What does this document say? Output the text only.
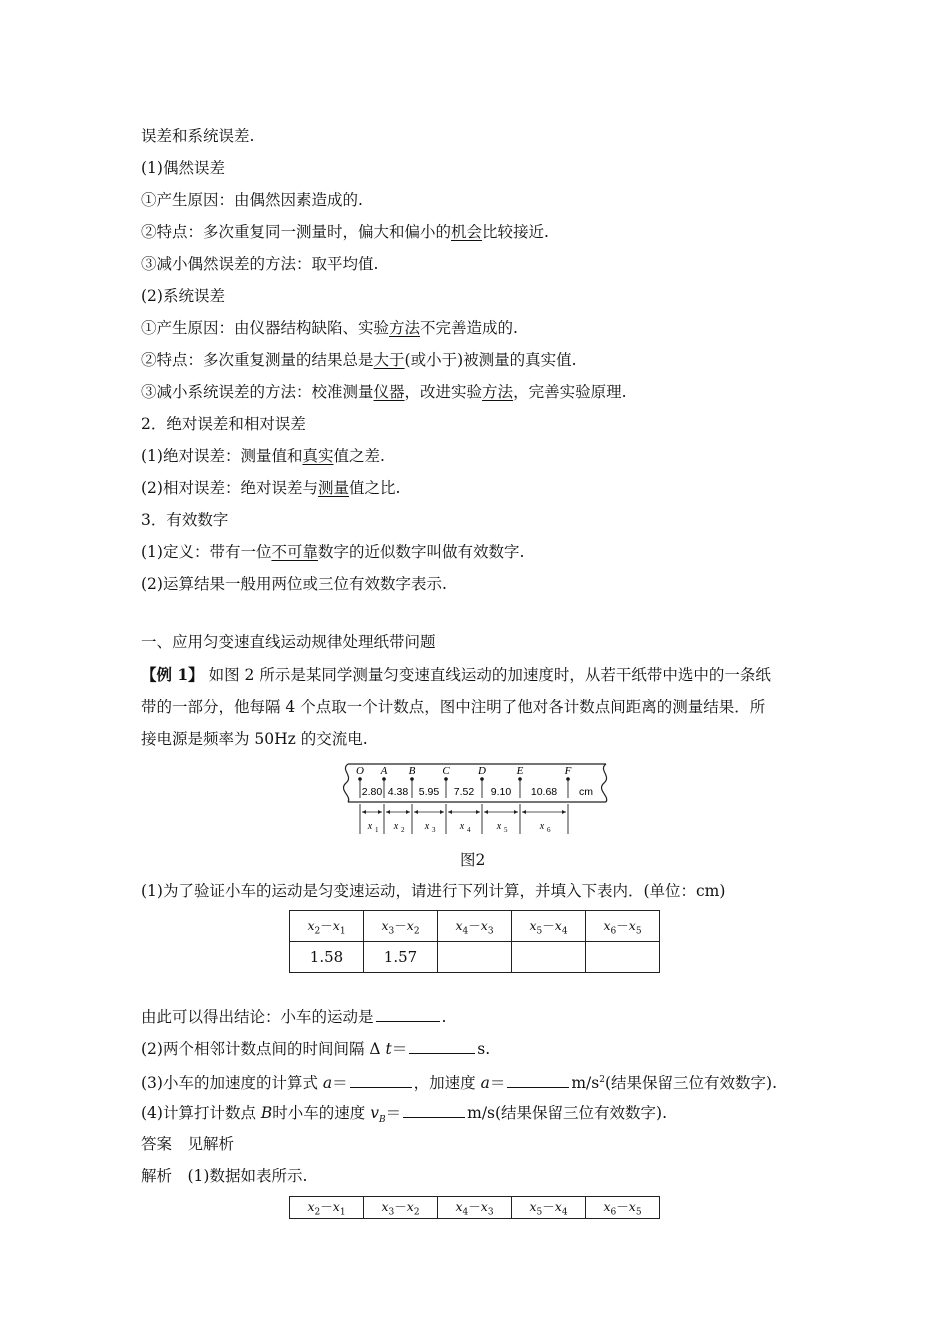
误差和系统误差.
(1)偶然误差
①产生原因：由偶然因素造成的.
②特点：多次重复同一测量时，偏大和偏小的机会比较接近.
③减小偶然误差的方法：取平均值.
(2)系统误差
①产生原因：由仪器结构缺陷、实验方法不完善造成的.
②特点：多次重复测量的结果总是大于(或小于)被测量的真实值.
③减小系统误差的方法：校准测量仪器，改进实验方法，完善实验原理.
2．绝对误差和相对误差
(1)绝对误差：测量值和真实值之差.
(2)相对误差：绝对误差与测量值之比.
3．有效数字
(1)定义：带有一位不可靠数字的近似数字叫做有效数字.
(2)运算结果一般用两位或三位有效数字表示.
一、应用匀变速直线运动规律处理纸带问题
【例 1】 如图 2 所示是某同学测量匀变速直线运动的加速度时，从若干纸带中选中的一条纸
带的一部分，他每隔 4 个点取一个计数点，图中注明了他对各计数点间距离的测量结果．所
接电源是频率为 50Hz 的交流电.
O A B C	D	E	F
2.80
x 1
4.38
x 2
5.95
x 3
7.52
x 4
9.10
x 5
10.68
x 6
cm
图2
(1)为了验证小车的运动是匀变速运动，请进行下列计算，并填入下表内．(单位：cm)
$x_2-x_1$	$x_3-x_2$	$x_4-x_3$	$x_5-x_4$	$x_6-x_5$
1.58	1.57			
由此可以得出结论：小车的运动是	.
(2)两个相邻计数点间的时间间隔 Δ t＝	s.
(3)小车的加速度的计算式 a＝	，加速度 a＝	$m/s^2$(结果保留三位有效数字).
(4)计算打计数点 B时小车的速度 $v_B=$	m/s(结果保留三位有效数字).
答案　见解析
解析　(1)数据如表所示.
$x_2-x_1$	$x_3-x_2$	$x_4-x_3$	$x_5-x_4$	$x_6-x_5$
